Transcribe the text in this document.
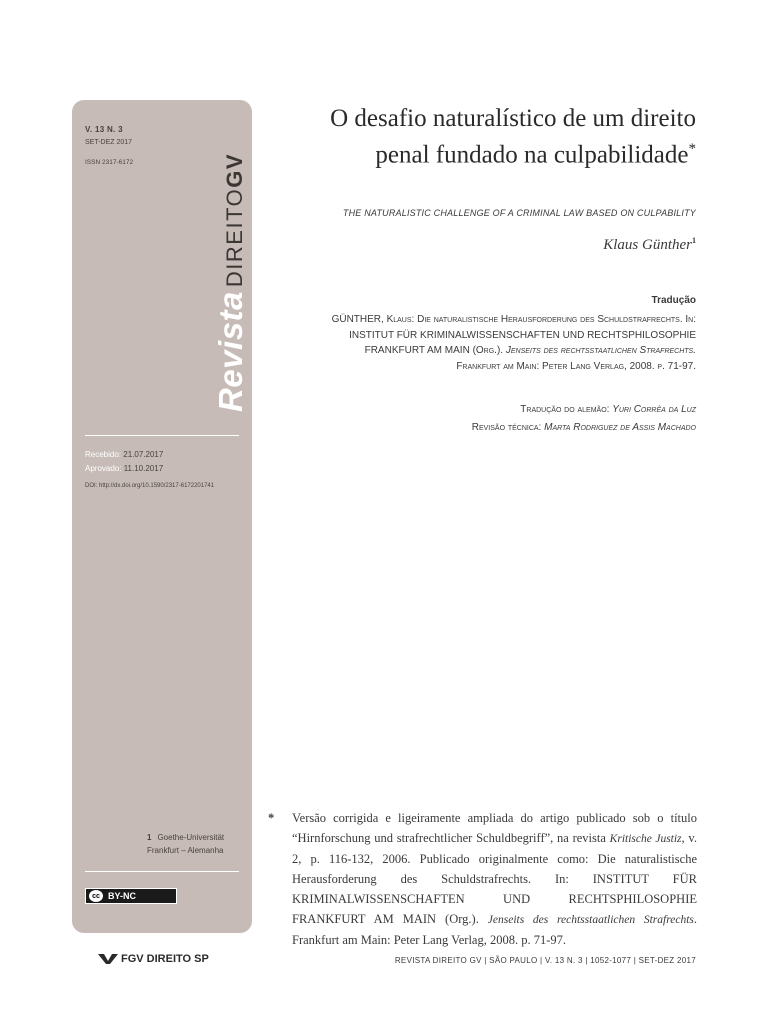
V. 13 N. 3
SET-DEZ 2017
ISSN 2317-6172
RevistaDIREITOGV
Recebido: 21.07.2017
Aprovado: 11.10.2017
DOI: http://dx.doi.org/10.1590/2317-6172201741
1 Goethe-Universität Frankfurt – Alemanha
cc BY-NC
O desafio naturalístico de um direito penal fundado na culpabilidade*
THE NATURALISTIC CHALLENGE OF A CRIMINAL LAW BASED ON CULPABILITY
Klaus Günther$^1$
Tradução
GÜNTHER, Klaus: Die naturalistische Herausforderung des Schuldstrafrechts. In: INSTITUT FÜR KRIMINALWISSENSCHAFTEN UND RECHTSPHILOSOPHIE FRANKFURT AM MAIN (Org.). Jenseits des rechtsstaatlichen Strafrechts. Frankfurt am Main: Peter Lang Verlag, 2008. p. 71-97.
Tradução do alemão: Yuri Corrêa da Luz
Revisão técnica: Marta Rodriguez de Assis Machado
* Versão corrigida e ligeiramente ampliada do artigo publicado sob o título “Hirnforschung und strafrechtlicher Schuldbegriff”, na revista Kritische Justiz, v. 2, p. 116-132, 2006. Publicado originalmente como: Die naturalistische Herausforderung des Schuldstrafrechts. In: INSTITUT FÜR KRIMINALWISSENSCHAFTEN UND RECHTSPHILOSOPHIE FRANKFURT AM MAIN (Org.). Jenseits des rechtsstaatlichen Strafrechts. Frankfurt am Main: Peter Lang Verlag, 2008. p. 71-97.
FGV DIREITO SP	REVISTA DIREITO GV | SÃO PAULO | V. 13 N. 3 | 1052-1077 | SET-DEZ 2017
